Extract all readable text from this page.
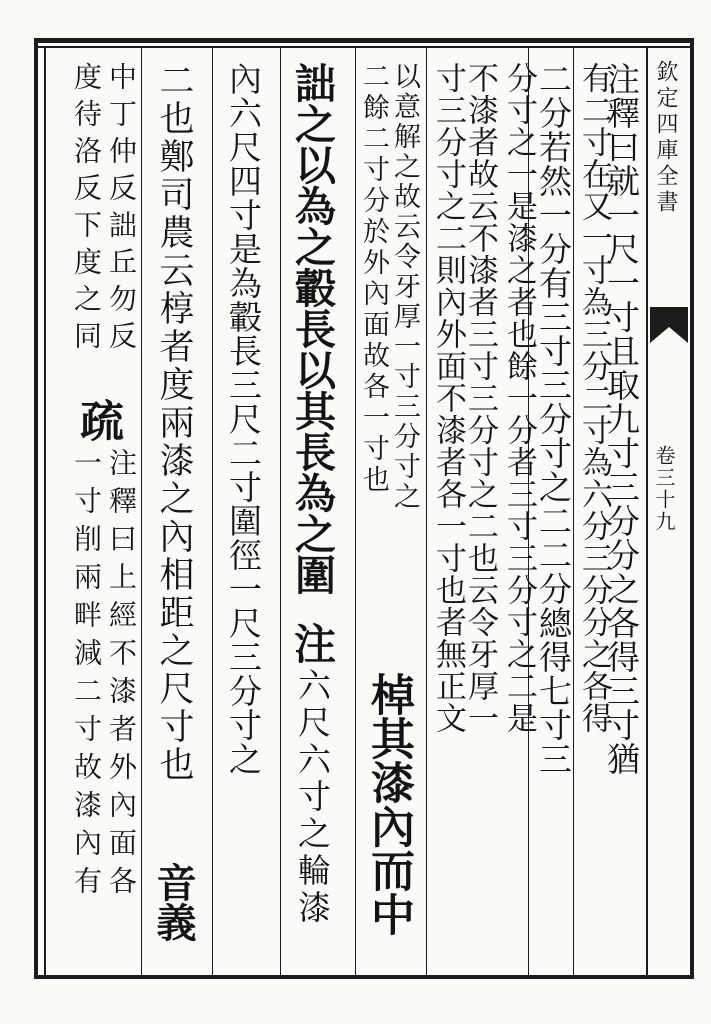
欽定四庫全書
卷三十九
注釋曰就一尺一寸且取九寸三分分之各得三寸猶
有二寸在又一寸為三分二寸為六分三分分之各得
二分若然一分有三寸三分寸之二二分總得七寸三
分寸之一是漆之者也餘一分者三寸三分寸之二是
不漆者故云不漆者三寸三分寸之二也云令牙厚一
寸三分寸之二則內外面不漆者各一寸也者無正文
以意解之故云令牙厚一寸三分寸之
棹其漆內而中
二餘二寸分於外內面故各一寸也
詘之以為之轂長以其長為之圍
注
六尺六寸之輪漆
內六尺四寸是為轂長三尺二寸圍徑一尺三分寸之
二也鄭司農云椁者度兩漆之內相距之尺寸也
音義
中丁仲反詘丘勿反
度待洛反下度之同
疏
注釋曰上經不漆者外內面各
一寸削兩畔減二寸故漆內有
